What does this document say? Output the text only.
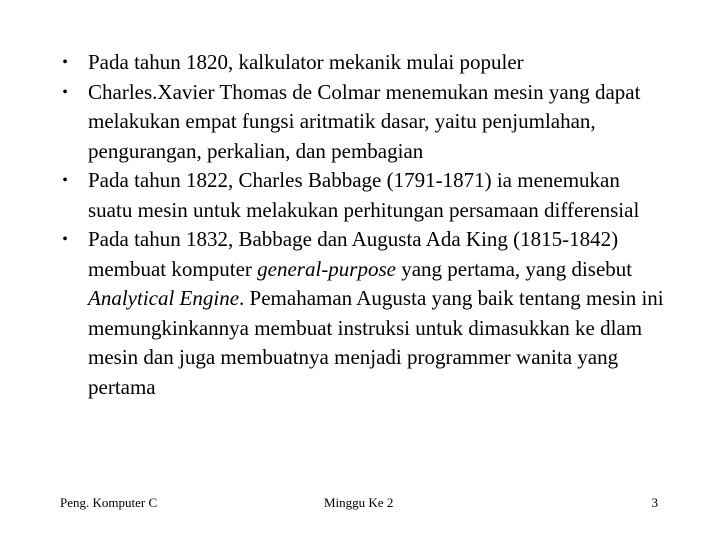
• Pada tahun 1820, kalkulator mekanik mulai populer
• Charles.Xavier Thomas de Colmar menemukan mesin yang dapat melakukan empat fungsi aritmatik dasar, yaitu penjumlahan, pengurangan, perkalian, dan pembagian
• Pada tahun 1822, Charles Babbage (1791-1871) ia menemukan suatu mesin untuk melakukan perhitungan persamaan differensial
• Pada tahun 1832, Babbage dan Augusta Ada King (1815-1842) membuat komputer general-purpose yang pertama, yang disebut Analytical Engine. Pemahaman Augusta yang baik tentang mesin ini memungkinkannya membuat instruksi untuk dimasukkan ke dlam mesin dan juga membuatnya menjadi programmer wanita yang pertama
Peng. Komputer C	Minggu Ke 2	3
